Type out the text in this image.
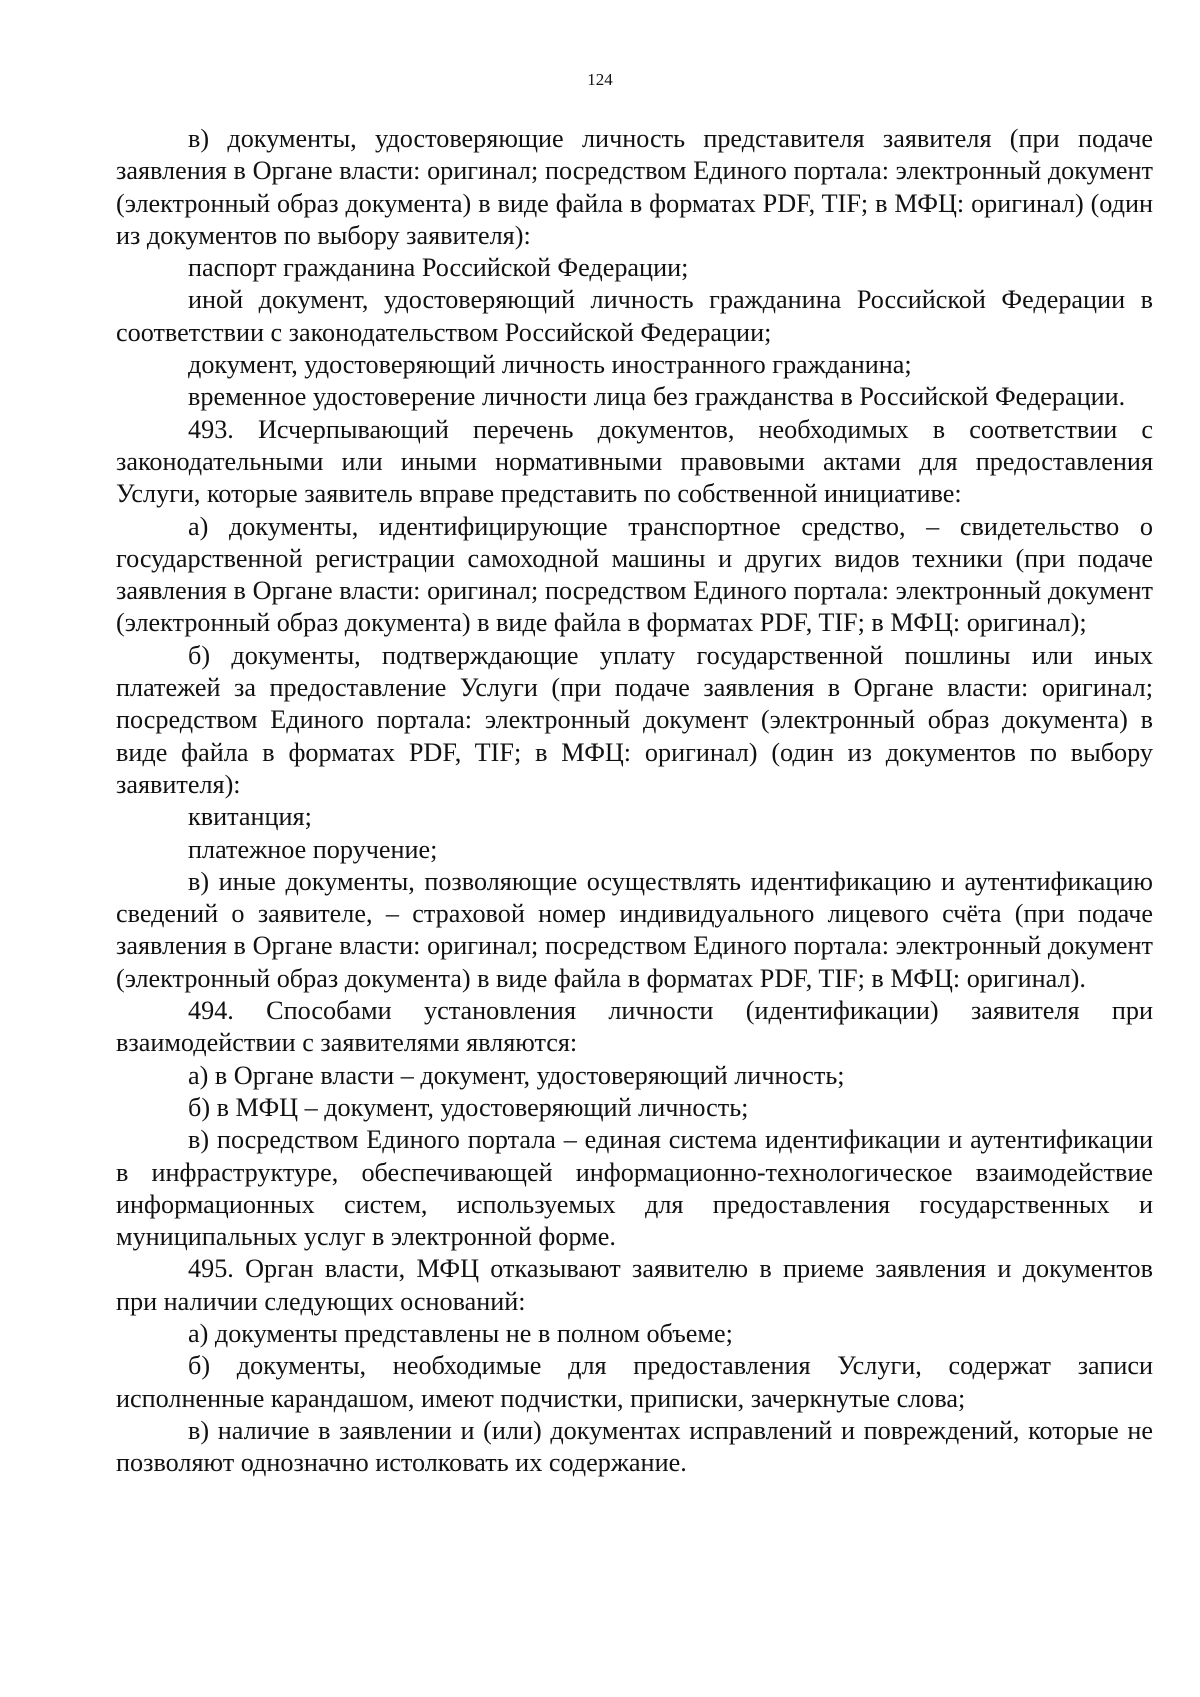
124

в) документы, удостоверяющие личность представителя заявителя (при подаче заявления в Органе власти: оригинал; посредством Единого портала: электронный документ (электронный образ документа) в виде файла в форматах PDF, TIF; в МФЦ: оригинал) (один из документов по выбору заявителя):

паспорт гражданина Российской Федерации;

иной документ, удостоверяющий личность гражданина Российской Федерации в соответствии с законодательством Российской Федерации;

документ, удостоверяющий личность иностранного гражданина;

временное удостоверение личности лица без гражданства в Российской Федерации.

493. Исчерпывающий перечень документов, необходимых в соответствии с законодательными или иными нормативными правовыми актами для предоставления Услуги, которые заявитель вправе представить по собственной инициативе:

а) документы, идентифицирующие транспортное средство, – свидетельство о государственной регистрации самоходной машины и других видов техники (при подаче заявления в Органе власти: оригинал; посредством Единого портала: электронный документ (электронный образ документа) в виде файла в форматах PDF, TIF; в МФЦ: оригинал);

б) документы, подтверждающие уплату государственной пошлины или иных платежей за предоставление Услуги (при подаче заявления в Органе власти: оригинал; посредством Единого портала: электронный документ (электронный образ документа) в виде файла в форматах PDF, TIF; в МФЦ: оригинал) (один из документов по выбору заявителя):

квитанция;

платежное поручение;

в) иные документы, позволяющие осуществлять идентификацию и аутентификацию сведений о заявителе, – страховой номер индивидуального лицевого счёта (при подаче заявления в Органе власти: оригинал; посредством Единого портала: электронный документ (электронный образ документа) в виде файла в форматах PDF, TIF; в МФЦ: оригинал).

494. Способами установления личности (идентификации) заявителя при взаимодействии с заявителями являются:

а) в Органе власти – документ, удостоверяющий личность;

б) в МФЦ – документ, удостоверяющий личность;

в) посредством Единого портала – единая система идентификации и аутентификации в инфраструктуре, обеспечивающей информационно-технологическое взаимодействие информационных систем, используемых для предоставления государственных и муниципальных услуг в электронной форме.

495. Орган власти, МФЦ отказывают заявителю в приеме заявления и документов при наличии следующих оснований:

а) документы представлены не в полном объеме;

б) документы, необходимые для предоставления Услуги, содержат записи исполненные карандашом, имеют подчистки, приписки, зачеркнутые слова;

в) наличие в заявлении и (или) документах исправлений и повреждений, которые не позволяют однозначно истолковать их содержание.
